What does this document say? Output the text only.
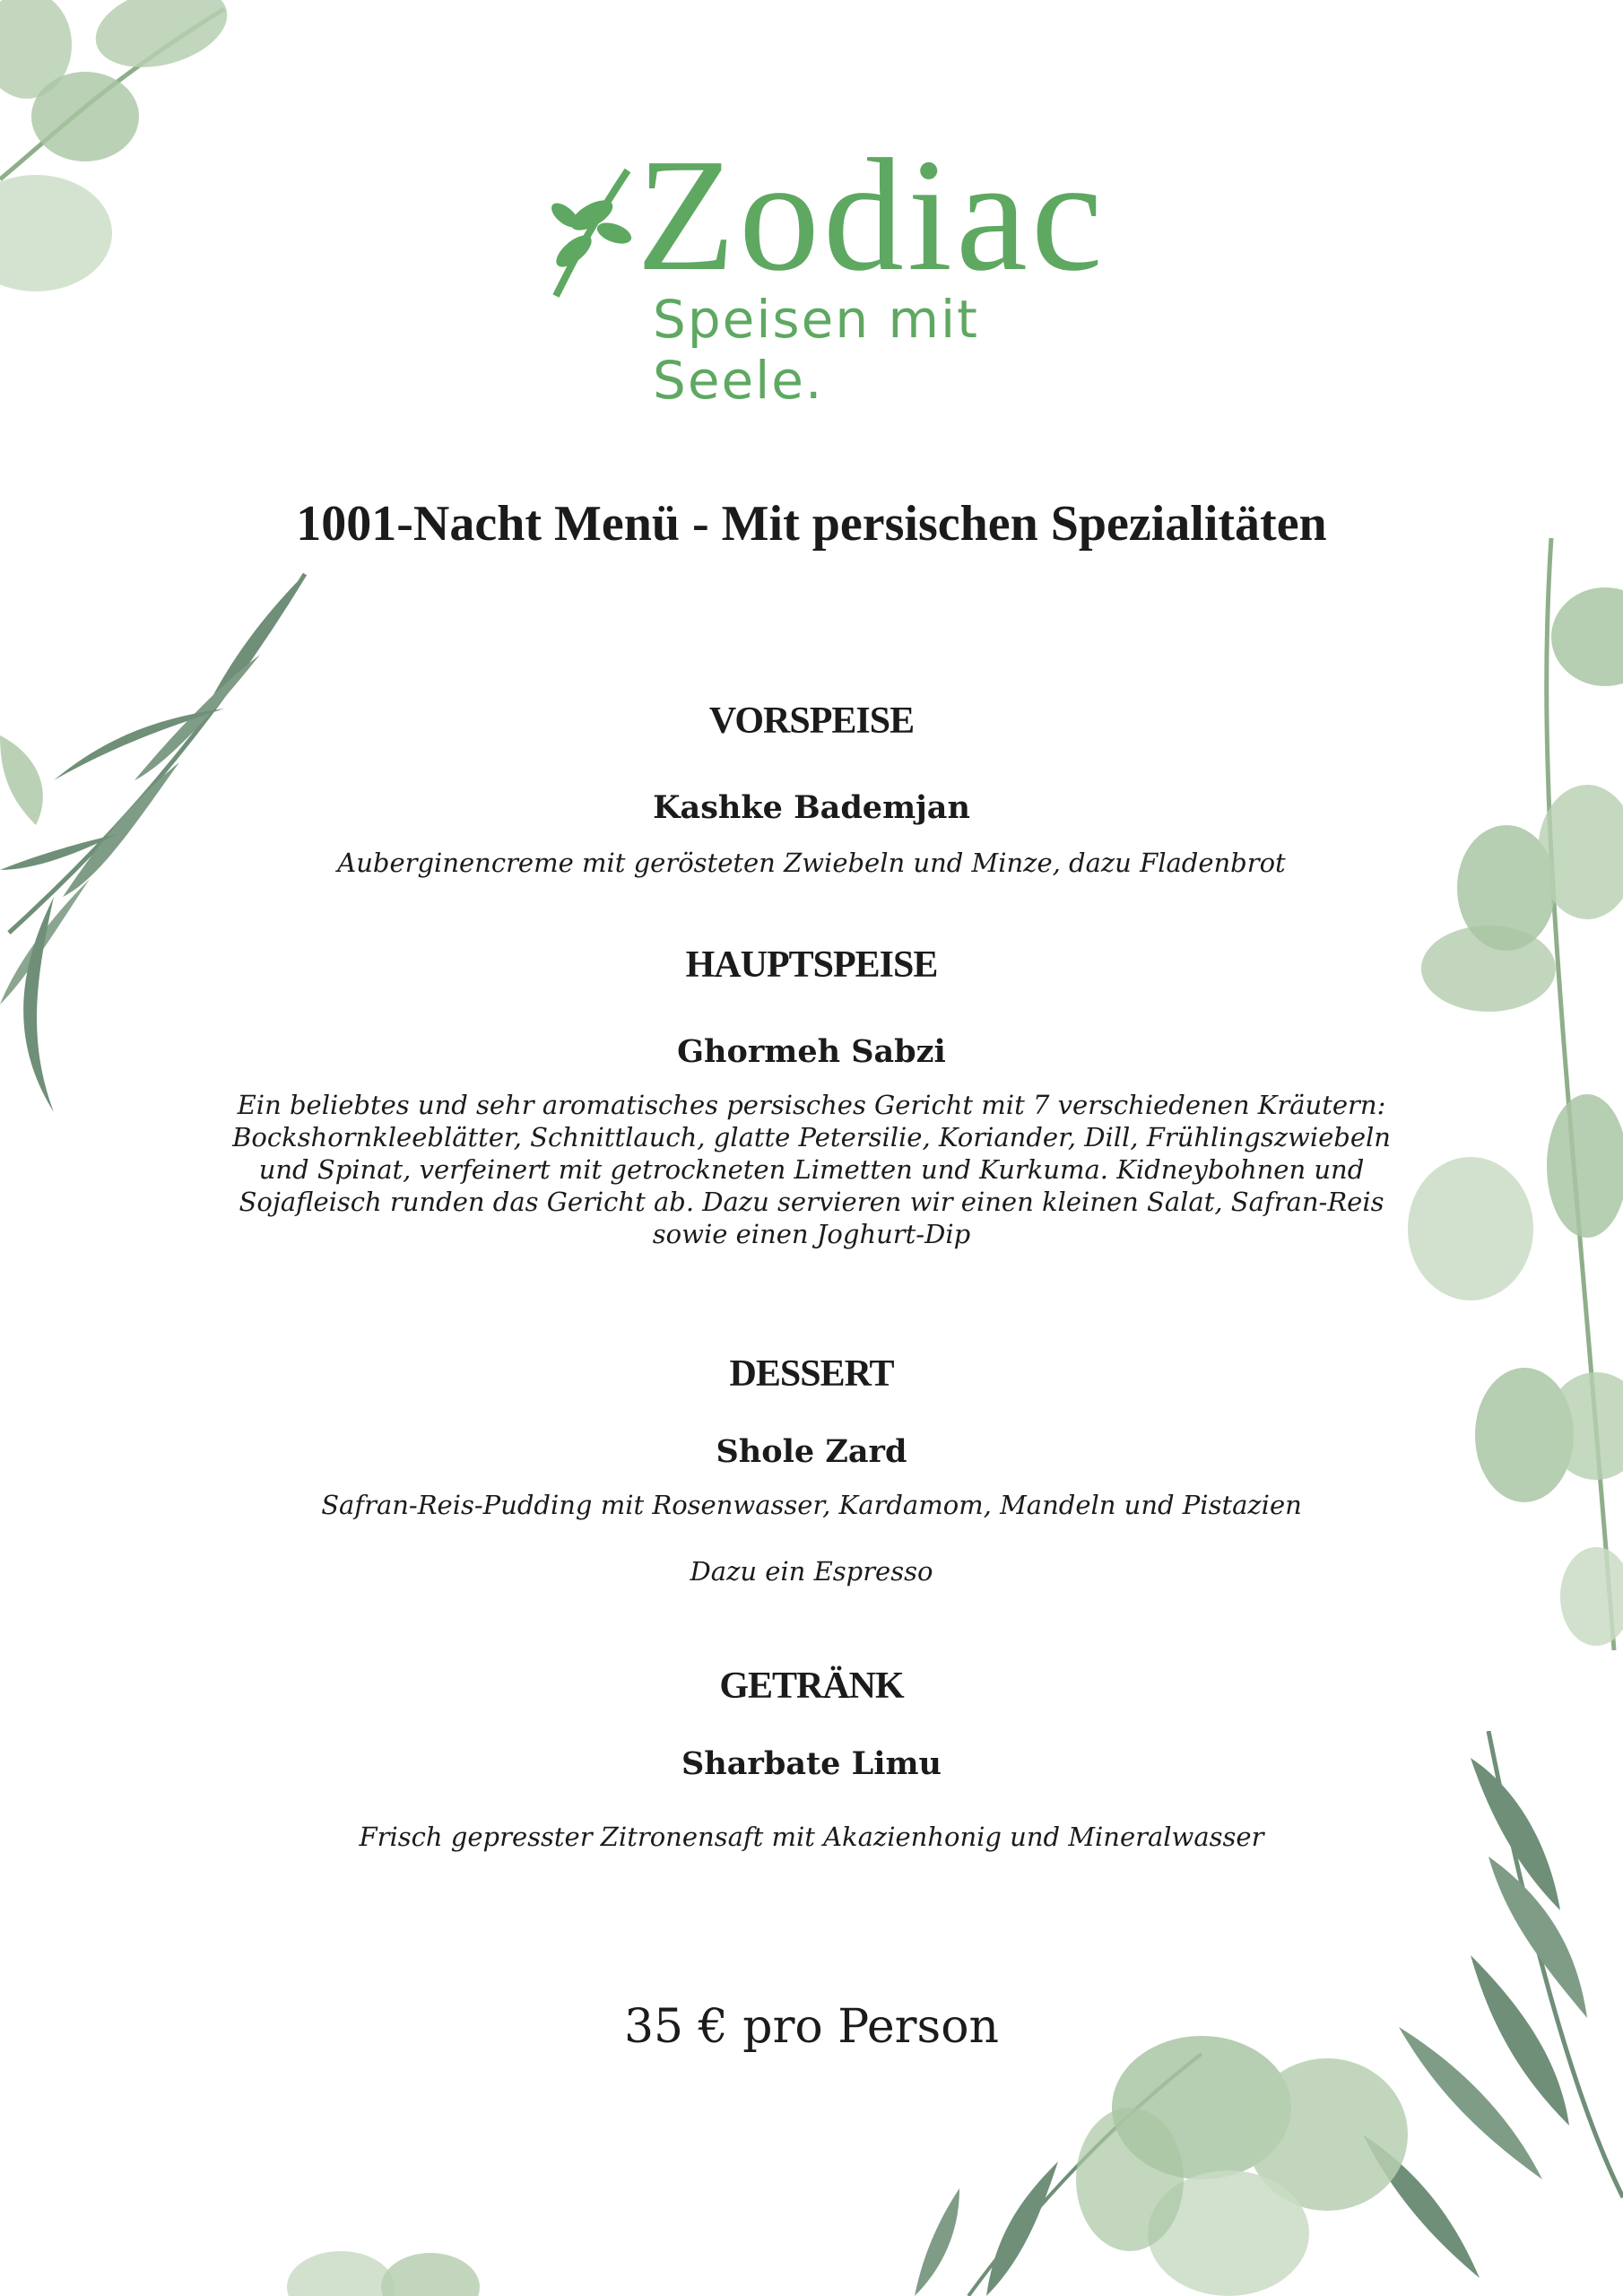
Zodiac
Speisen mit Seele.
1001-Nacht Menü - Mit persischen Spezialitäten
VORSPEISE
Kashke Bademjan
Auberginencreme mit gerösteten Zwiebeln und Minze, dazu Fladenbrot
HAUPTSPEISE
Ghormeh Sabzi
Ein beliebtes und sehr aromatisches persisches Gericht mit 7 verschiedenen Kräutern: Bockshornkleeblätter, Schnittlauch, glatte Petersilie, Koriander, Dill, Frühlingszwiebeln und Spinat, verfeinert mit getrockneten Limetten und Kurkuma. Kidneybohnen und Sojafleisch runden das Gericht ab. Dazu servieren wir einen kleinen Salat, Safran-Reis sowie einen Joghurt-Dip
DESSERT
Shole Zard
Safran-Reis-Pudding mit Rosenwasser, Kardamom, Mandeln und Pistazien
Dazu ein Espresso
GETRÄNK
Sharbate Limu
Frisch gepresster Zitronensaft mit Akazienhonig und Mineralwasser
35 € pro Person
